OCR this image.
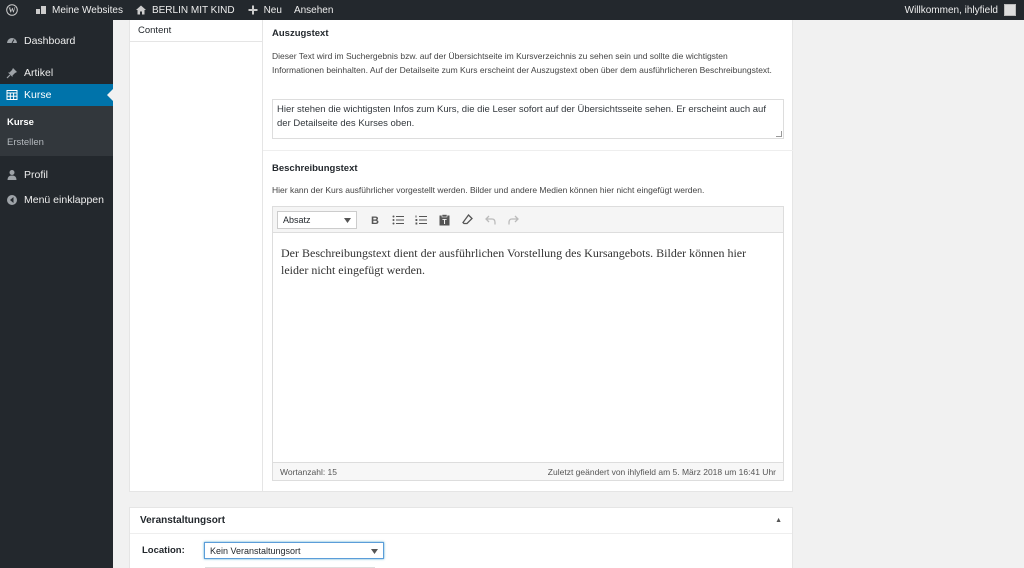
W	Meine Websites	BERLIN MIT KIND	Neu Ansehen	Willkommen, ihlyfield
Dashboard
Artikel
Kurse
Kurse
Erstellen
Profil
Menü einklappen
Content	Auszugstext
Dieser Text wird im Suchergebnis bzw. auf der Übersichtseite im Kursverzeichnis zu sehen sein und sollte die wichtigsten Informationen beinhalten. Auf der Detailseite zum Kurs erscheint der Auszugstext oben über dem ausführlicheren Beschreibungstext.
Hier stehen die wichtigsten Infos zum Kurs, die die Leser sofort auf der Übersichtsseite sehen. Er erscheint auch auf der Detailseite des Kurses oben.
Beschreibungstext
Hier kann der Kurs ausführlicher vorgestellt werden. Bilder und andere Medien können hier nicht eingefügt werden.
Absatz	B	T
Der Beschreibungstext dient der ausführlichen Vorstellung des Kursangebots. Bilder können hier leider nicht eingefügt werden.
Wortanzahl: 15	Zuletzt geändert von ihlyfield am 5. März 2018 um 16:41 Uhr
Veranstaltungsort	▲
Location:	Kein Veranstaltungsort
